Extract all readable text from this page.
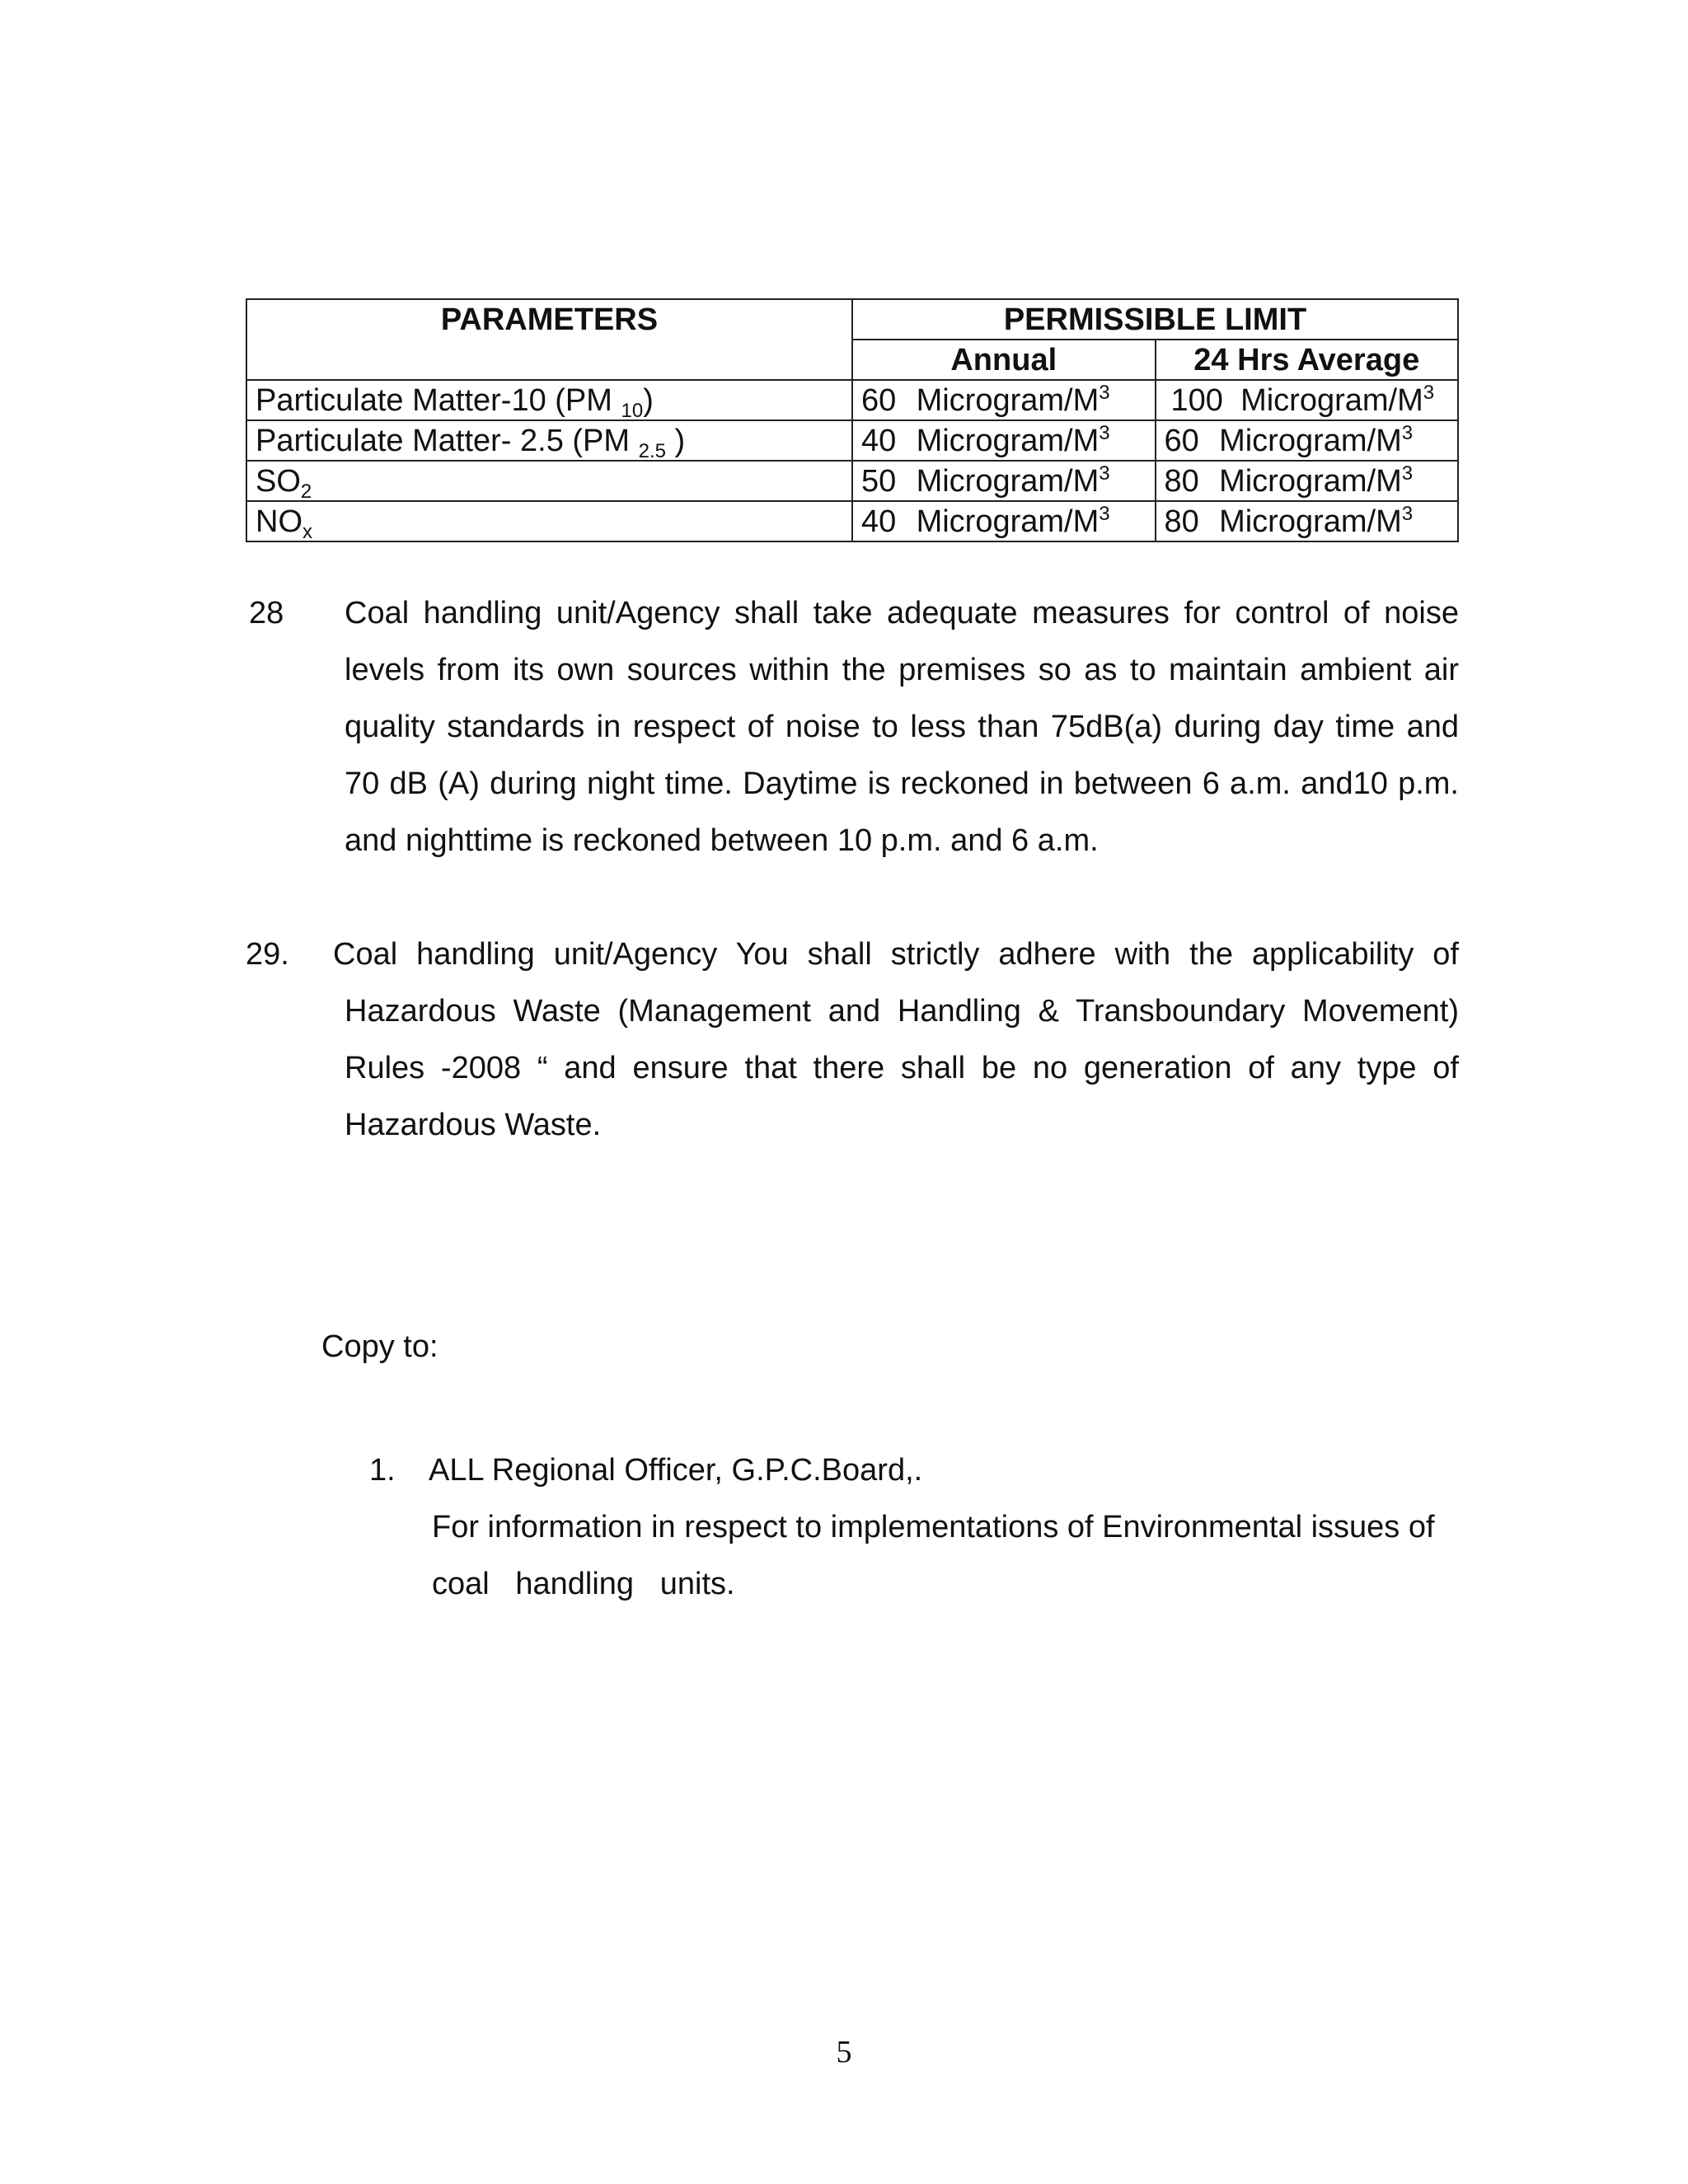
PARAMETERS	PERMISSIBLE LIMIT	
	Annual	24 Hrs Average
Particulate Matter-10 (PM $_{10}$)	60 Microgram/$M^3$	100 Microgram/$M^3$
Particulate Matter- 2.5 (PM $_{2.5}$ )	40 Microgram/$M^3$	60 Microgram/$M^3$
$SO_2$	50 Microgram/$M^3$	80 Microgram/$M^3$
$NO_x$	40 Microgram/$M^3$	80 Microgram/$M^3$
28 Coal handling unit/Agency shall take adequate measures for control of noise levels from its own sources within the premises so as to maintain ambient air quality standards in respect of noise to less than 75dB(a) during day time and 70 dB (A) during night time. Daytime is reckoned in between 6 a.m. and10 p.m. and nighttime is reckoned between 10 p.m. and 6 a.m.
29. Coal handling unit/Agency You shall strictly adhere with the applicability of
Hazardous Waste (Management and Handling & Transboundary Movement) Rules -2008 “ and ensure that there shall be no generation of any type of Hazardous Waste.
Copy to:
1. ALL Regional Officer, G.P.C.Board,.
For information in respect to implementations of Environmental issues of coal   handling   units.
5
